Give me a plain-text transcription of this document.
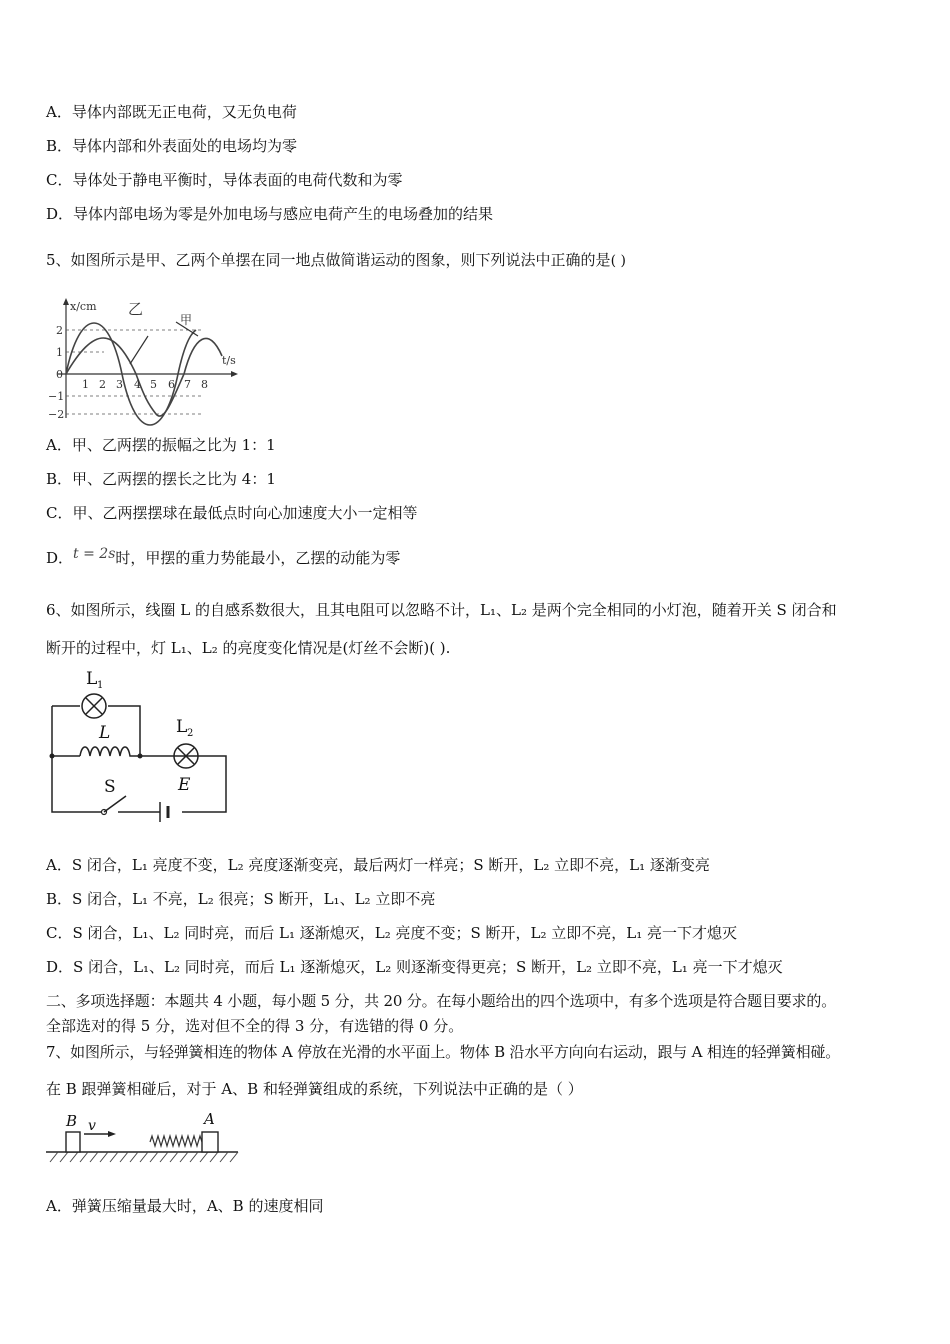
A．导体内部既无正电荷，又无负电荷
B．导体内部和外表面处的电场均为零
C．导体处于静电平衡时，导体表面的电荷代数和为零
D．导体内部电场为零是外加电场与感应电荷产生的电场叠加的结果
5、如图所示是甲、乙两个单摆在同一地点做简谐运动的图象，则下列说法中正确的是( )
x/cm
t/s
乙
甲
2
1
0
−1
−2
1 2 3 4 5 6 7 8
A．甲、乙两摆的振幅之比为 1：1
B．甲、乙两摆的摆长之比为 4：1
C．甲、乙两摆摆球在最低点时向心加速度大小一定相等
D．t = 2s时，甲摆的重力势能最小，乙摆的动能为零
6、如图所示，线圈 L 的自感系数很大，且其电阻可以忽略不计，L₁、L₂ 是两个完全相同的小灯泡，随着开关 S 闭合和
断开的过程中，灯 L₁、L₂ 的亮度变化情况是(灯丝不会断)( ).
L 1
L	L 2
E
S
A．S 闭合，L₁ 亮度不变，L₂ 亮度逐渐变亮，最后两灯一样亮；S 断开，L₂ 立即不亮，L₁ 逐渐变亮
B．S 闭合，L₁ 不亮，L₂ 很亮；S 断开，L₁、L₂ 立即不亮
C．S 闭合，L₁、L₂ 同时亮，而后 L₁ 逐渐熄灭，L₂ 亮度不变；S 断开，L₂ 立即不亮，L₁ 亮一下才熄灭
D．S 闭合，L₁、L₂ 同时亮，而后 L₁ 逐渐熄灭，L₂ 则逐渐变得更亮；S 断开，L₂ 立即不亮，L₁ 亮一下才熄灭
二、多项选择题：本题共 4 小题，每小题 5 分，共 20 分。在每小题给出的四个选项中，有多个选项是符合题目要求的。
全部选对的得 5 分，选对但不全的得 3 分，有选错的得 0 分。
7、如图所示，与轻弹簧相连的物体 A 停放在光滑的水平面上。物体 B 沿水平方向向右运动，跟与 A 相连的轻弹簧相碰。
在 B 跟弹簧相碰后，对于 A、B 和轻弹簧组成的系统，下列说法中正确的是（ ）
B v	A
A．弹簧压缩量最大时，A、B 的速度相同
